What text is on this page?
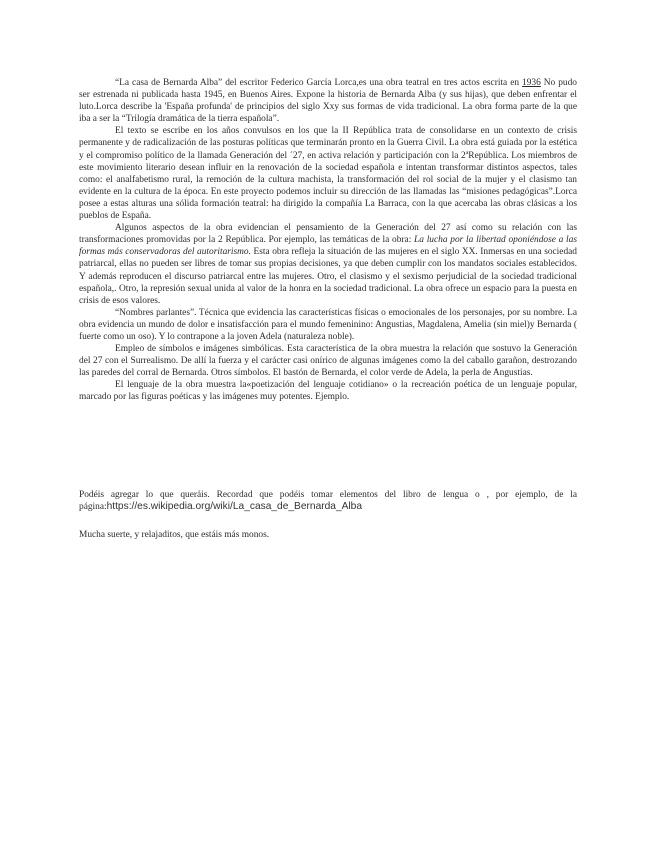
“La casa de Bernarda Alba” del escritor Federico García Lorca,es una obra teatral en tres actos escrita en 1936 No pudo ser estrenada ni publicada hasta 1945, en Buenos Aires. Expone la historia de Bernarda Alba (y sus hijas), que deben enfrentar el luto.Lorca describe la 'España profunda' de principios del siglo Xxy sus formas de vida tradicional. La obra forma parte de la que iba a ser la “Trilogía dramática de la tierra española”.

El texto se escribe en los años convulsos en los que la II República trata de consolidarse en un contexto de crisis permanente y de radicalización de las posturas políticas que terminarán pronto en la Guerra Civil. La obra está guiada por la estética y el compromiso político de la llamada Generación del ´27, en activa relación y participación con la 2ªRepública. Los miembros de este movimiento literario desean influir en la renovación de la sociedad española e intentan transformar distintos aspectos, tales como: el analfabetismo rural, la remoción de la cultura machista, la transformación del rol social de la mujer y el clasismo tan evidente en la cultura de la época. En este proyecto podemos incluir su dirección de las llamadas las “misiones pedagógicas”.Lorca posee a estas alturas una sólida formación teatral: ha dirigido la compañía La Barraca, con la que acercaba las obras clásicas a los pueblos de España.

Algunos aspectos de la obra evidencian el pensamiento de la Generación del 27 así como su relación con las transformaciones promovidas por la 2 República. Por ejemplo, las temáticas de la obra: La lucha por la libertad oponiéndose a las formas más conservadoras del autoritarismo. Esta obra refleja la situación de las mujeres en el siglo XX. Inmersas en una sociedad patriarcal, ellas no pueden ser libres de tomar sus propias decisiones, ya que deben cumplir con los mandatos sociales establecidos. Y además reproducen el discurso patriarcal entre las mujeres. Otro, el clasismo y el sexismo perjudicial de la sociedad tradicional española,. Otro, la represión sexual unida al valor de la honra en la sociedad tradicional. La obra ofrece un espacio para la puesta en crisis de esos valores.

“Nombres parlantes”. Técnica que evidencia las características físicas o emocionales de los personajes, por su nombre. La obra evidencia un mundo de dolor e insatisfacción para el mundo femeninino: Angustias, Magdalena, Amelia (sin miel)y Bernarda ( fuerte como un oso). Y lo contrapone a la joven Adela (naturaleza noble).

Empleo de símbolos e imágenes simbólicas. Esta característica de la obra muestra la relación que sostuvo la Generación del 27 con el Surrealismo. De allí la fuerza y el carácter casi onírico de algunas imágenes como la del caballo garañon, destrozando las paredes del corral de Bernarda. Otros símbolos. El bastón de Bernarda, el color verde de Adela, la perla de Angustias.

El lenguaje de la obra muestra la«poetización del lenguaje cotidiano» o la recreación poética de un lenguaje popular, marcado por las figuras poéticas y las imágenes muy potentes. Ejemplo.

Podéis agregar lo que queráis. Recordad que podéis tomar elementos del libro de lengua o , por ejemplo, de la página:https://es.wikipedia.org/wiki/La_casa_de_Bernarda_Alba
Mucha suerte, y relajaditos, que estáis más monos.
